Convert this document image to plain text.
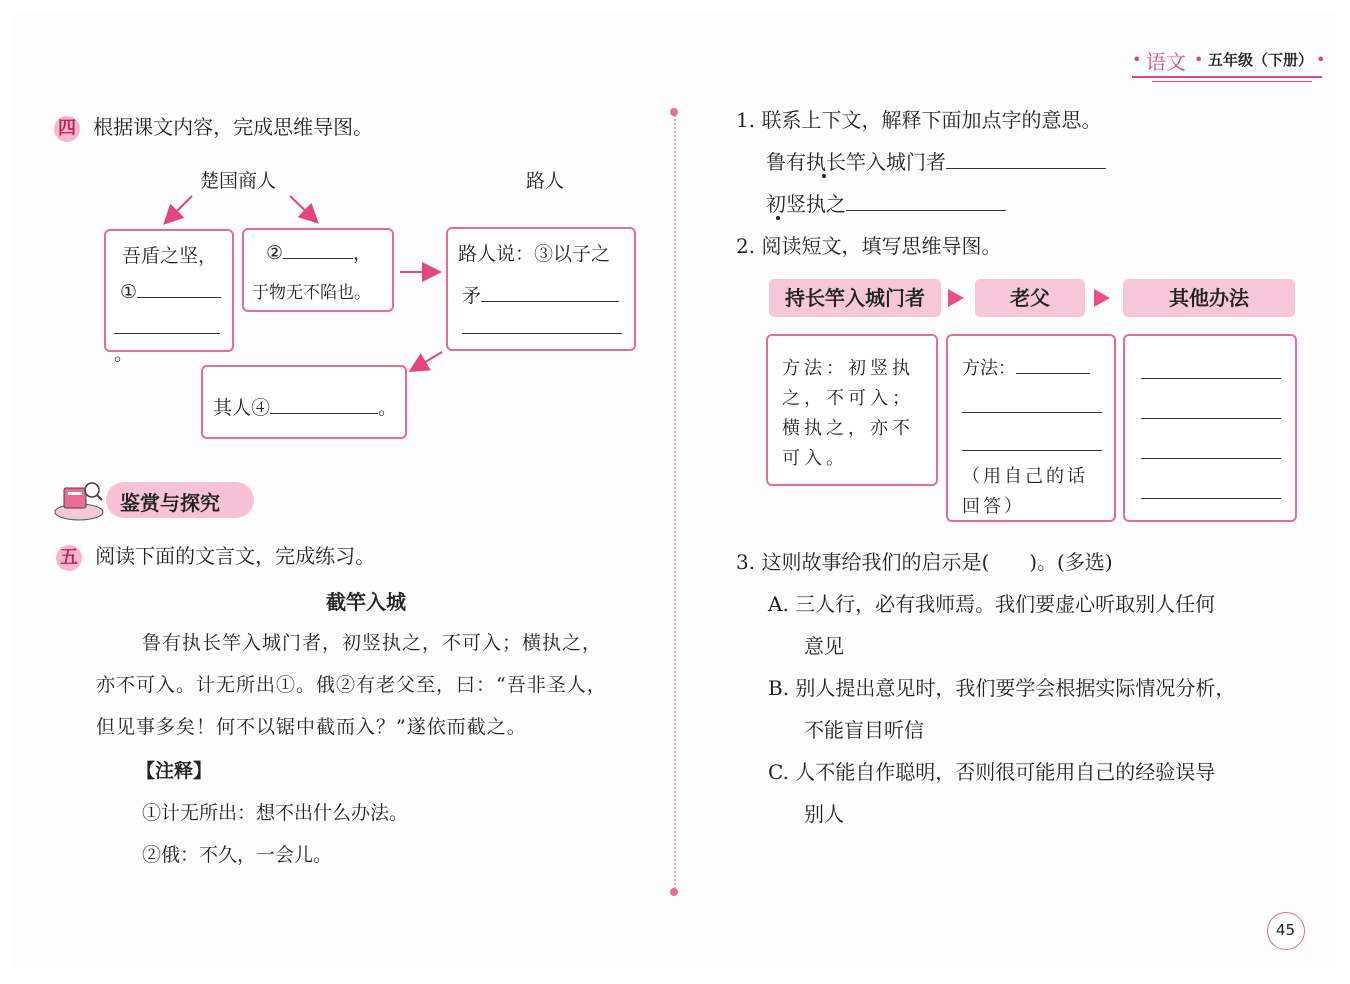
• 语文 • 五年级（下册） •
四 根据课文内容，完成思维导图。
楚国商人	路人
吾盾之坚，
①
。
②	，
于物无不陷也。
路人说：③以子之
矛
其人④	。
鉴赏与探究
五 阅读下面的文言文，完成练习。
截竿入城
鲁有执长竿入城门者，初竖执之，不可入；横执之，
亦不可入。计无所出①。俄②有老父至，曰：“吾非圣人，
但见事多矣！何不以锯中截而入？”遂依而截之。
【注释】
①计无所出：想不出什么办法。
②俄：不久，一会儿。
1. 联系上下文，解释下面加点字的意思。
鲁有执长竿入城门者
初竖执之
2. 阅读短文，填写思维导图。
持长竿入城门者	老父	其他办法
方法：初竖执
之，不可入；
横执之，亦不
可入。
方法：
（用自己的话
回答）
3. 这则故事给我们的启示是(　　)。(多选)
A. 三人行，必有我师焉。我们要虚心听取别人任何
意见
B. 别人提出意见时，我们要学会根据实际情况分析，
不能盲目听信
C. 人不能自作聪明，否则很可能用自己的经验误导
别人
45
